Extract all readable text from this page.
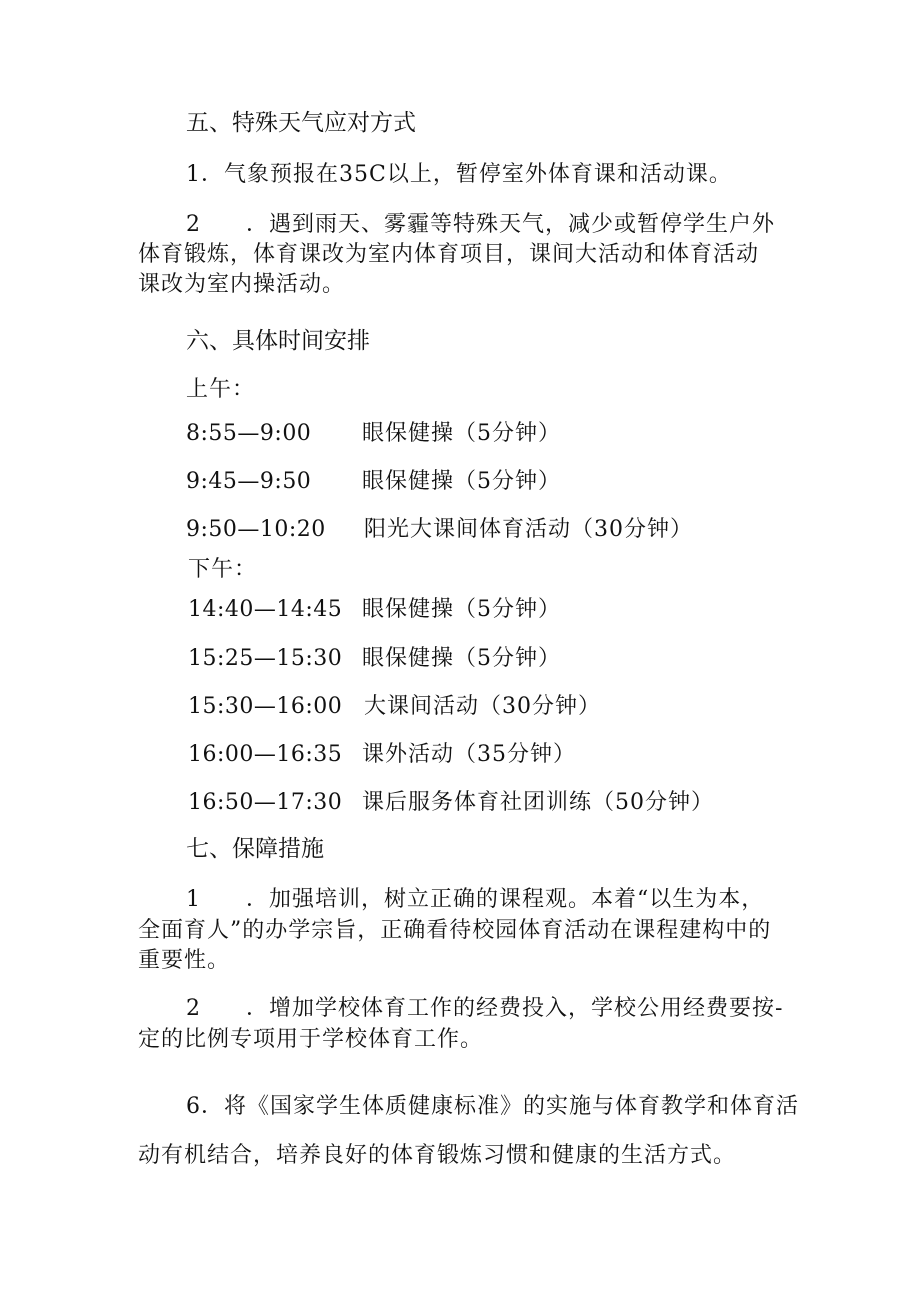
五、特殊天气应对方式
1．气象预报在35C以上，暂停室外体育课和活动课。
2 ．遇到雨天、雾霾等特殊天气，减少或暂停学生户外
体育锻炼，体育课改为室内体育项目，课间大活动和体育活动
课改为室内操活动。
六、具体时间安排
上午：
8:55—9:00 眼保健操（5分钟）
9:45—9:50 眼保健操（5分钟）
9:50—10:20 阳光大课间体育活动（30分钟）
下午：
14:40—14:45 眼保健操（5分钟）
15:25—15:30 眼保健操（5分钟）
15:30—16:00 大课间活动（30分钟）
16:00—16:35 课外活动（35分钟）
16:50—17:30 课后服务体育社团训练（50分钟）
七、保障措施
1 ．加强培训，树立正确的课程观。本着“以生为本，
全面育人”的办学宗旨，正确看待校园体育活动在课程建构中的
重要性。
2 ．增加学校体育工作的经费投入，学校公用经费要按-
定的比例专项用于学校体育工作。
6．将《国家学生体质健康标准》的实施与体育教学和体育活
动有机结合，培养良好的体育锻炼习惯和健康的生活方式。
